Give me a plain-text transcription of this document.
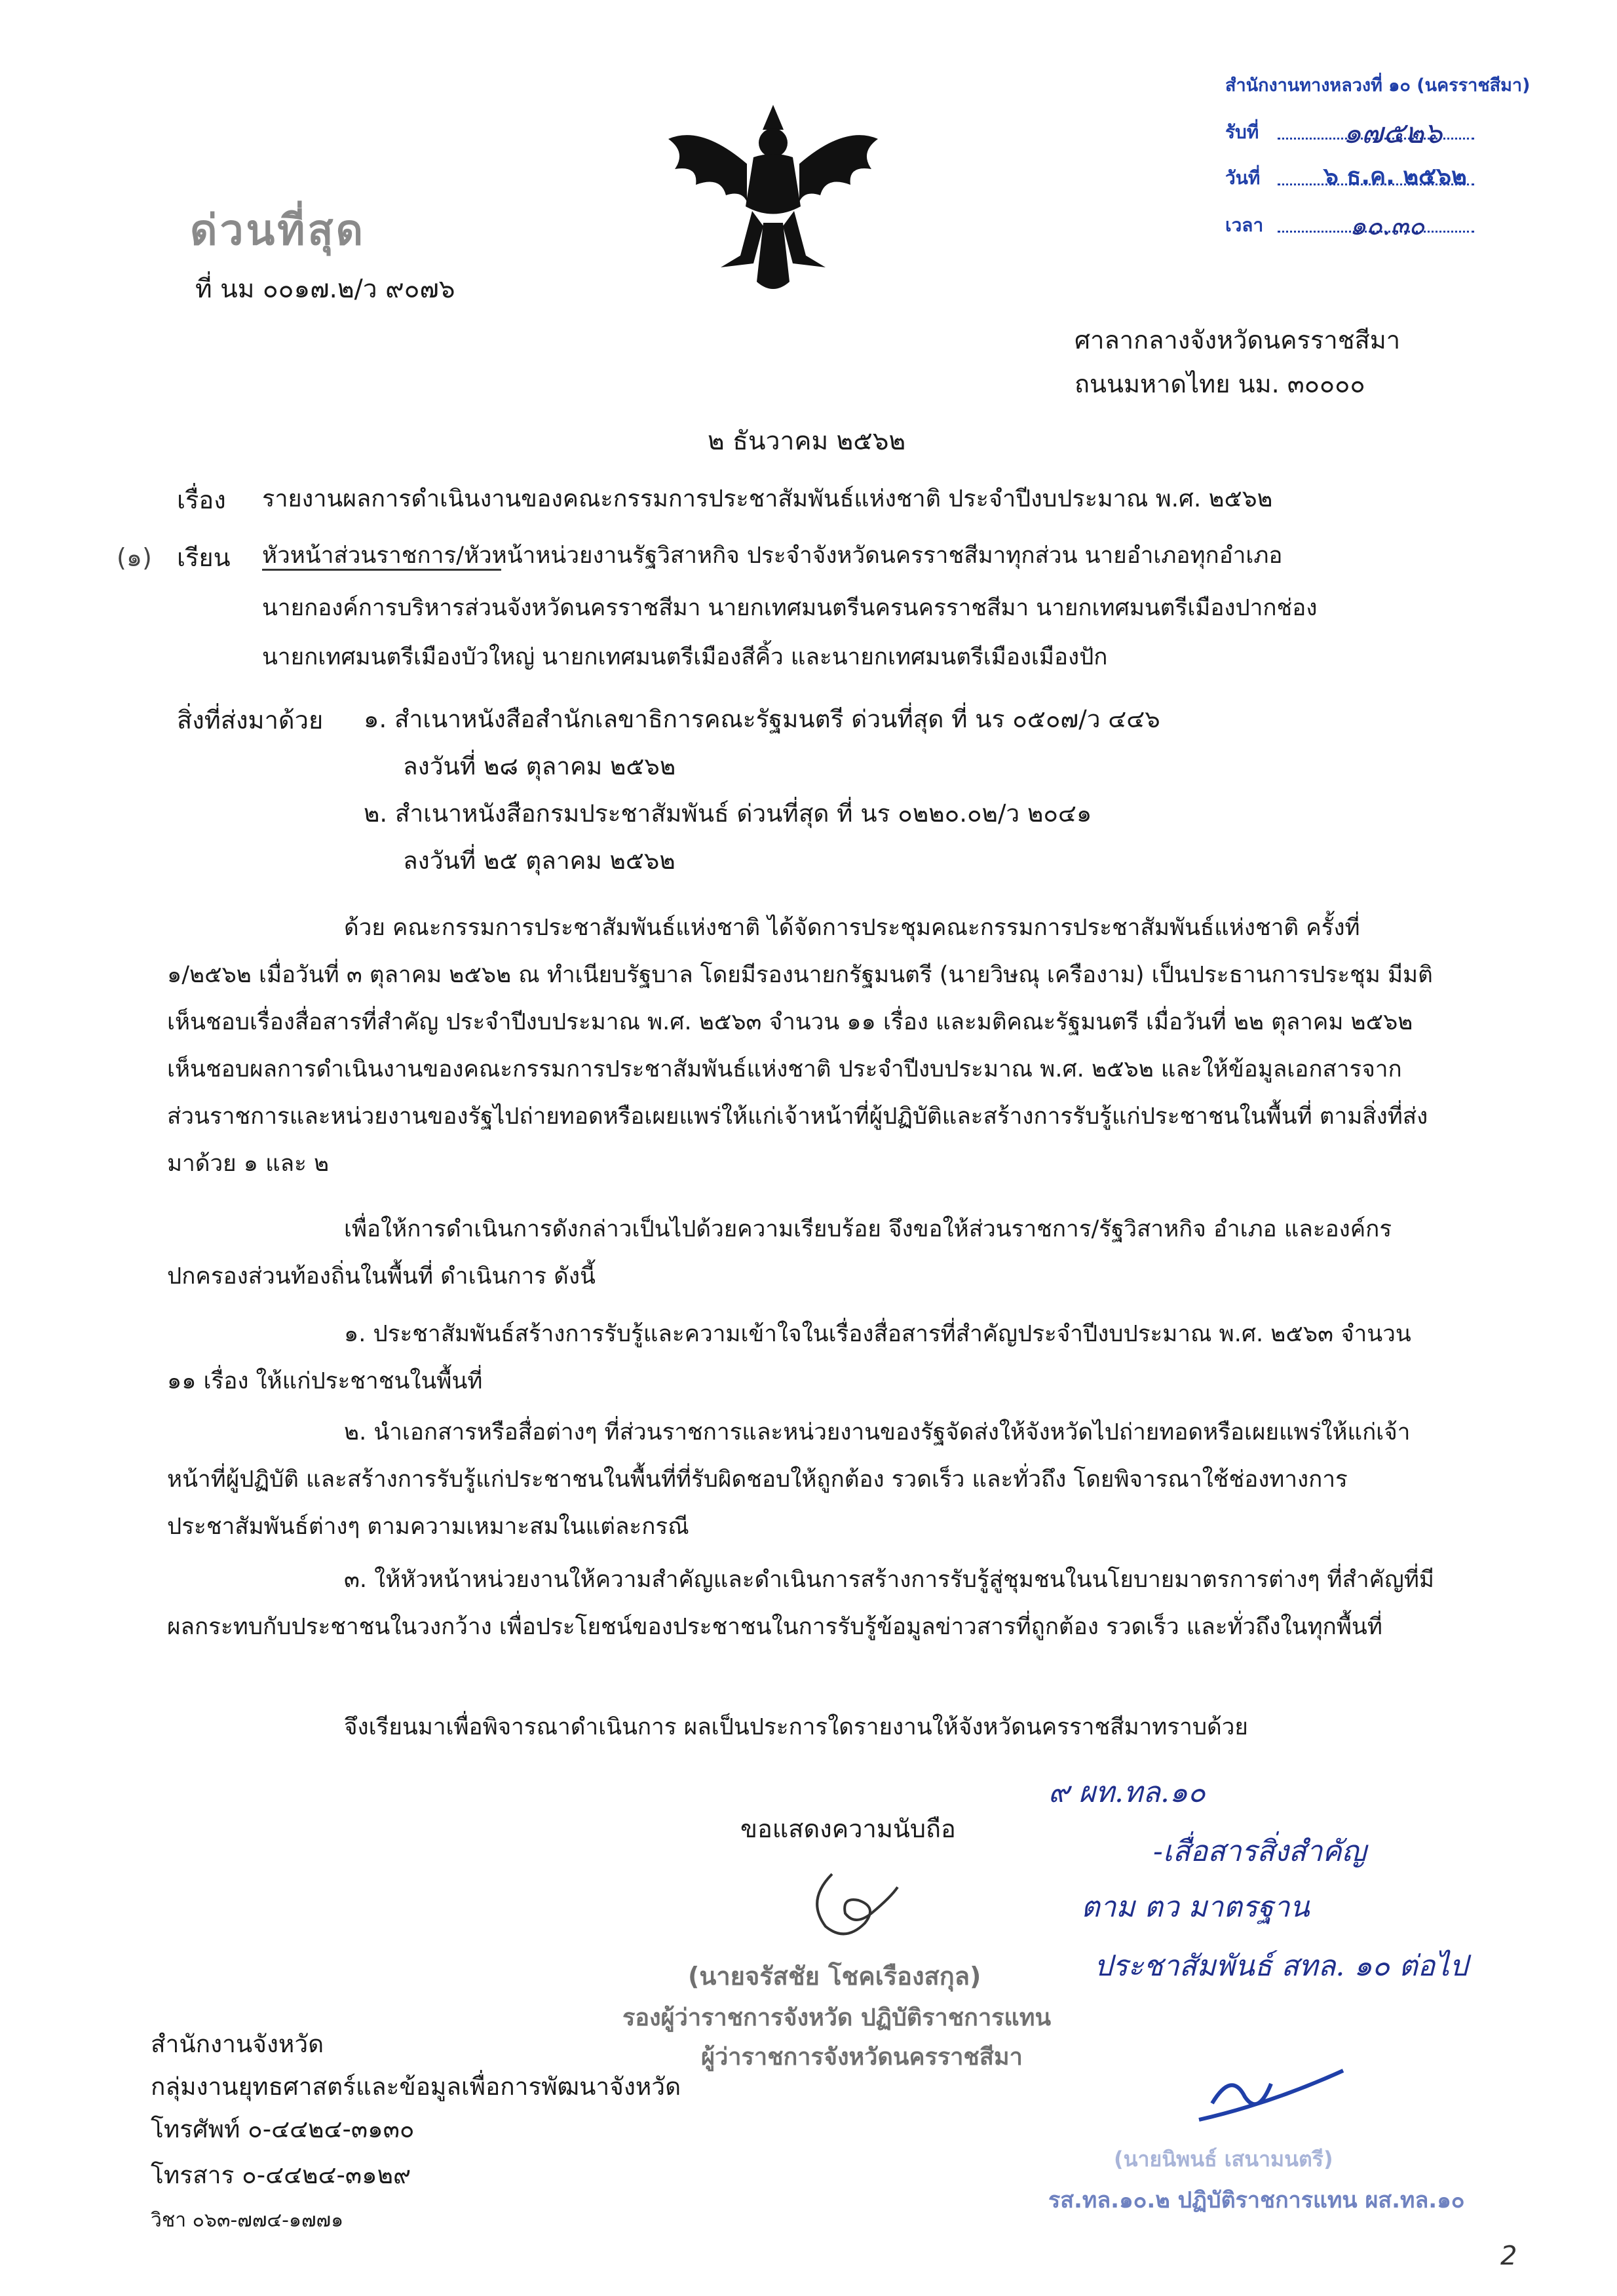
ด่วนที่สุด
ที่ นม ๐๐๑๗.๒/ว ๙๐๗๖
สำนักงานทางหลวงที่ ๑๐ (นครราชสีมา)
รับที่	๑๗๕๒๖
วันที่	๖ ธ.ค. ๒๕๖๒
เวลา	๑๐.๓๐
ศาลากลางจังหวัดนครราชสีมา
ถนนมหาดไทย นม. ๓๐๐๐๐
๒ ธันวาคม ๒๕๖๒
เรื่อง รายงานผลการดำเนินงานของคณะกรรมการประชาสัมพันธ์แห่งชาติ ประจำปีงบประมาณ พ.ศ. ๒๕๖๒
(๑) เรียน หัวหน้าส่วนราชการ/หัวหน้าหน่วยงานรัฐวิสาหกิจ ประจำจังหวัดนครราชสีมาทุกส่วน นายอำเภอทุกอำเภอ
นายกองค์การบริหารส่วนจังหวัดนครราชสีมา นายกเทศมนตรีนครนครราชสีมา นายกเทศมนตรีเมืองปากช่อง
นายกเทศมนตรีเมืองบัวใหญ่ นายกเทศมนตรีเมืองสีคิ้ว และนายกเทศมนตรีเมืองเมืองปัก
สิ่งที่ส่งมาด้วย ๑. สำเนาหนังสือสำนักเลขาธิการคณะรัฐมนตรี ด่วนที่สุด ที่ นร ๐๕๐๗/ว ๔๔๖
ลงวันที่ ๒๘ ตุลาคม ๒๕๖๒
๒. สำเนาหนังสือกรมประชาสัมพันธ์ ด่วนที่สุด ที่ นร ๐๒๒๐.๐๒/ว ๒๐๔๑
ลงวันที่ ๒๕ ตุลาคม ๒๕๖๒
ด้วย คณะกรรมการประชาสัมพันธ์แห่งชาติ ได้จัดการประชุมคณะกรรมการประชาสัมพันธ์แห่งชาติ ครั้งที่ ๑/๒๕๖๒ เมื่อวันที่ ๓ ตุลาคม ๒๕๖๒ ณ ทำเนียบรัฐบาล โดยมีรองนายกรัฐมนตรี (นายวิษณุ เครืองาม) เป็นประธานการประชุม มีมติเห็นชอบเรื่องสื่อสารที่สำคัญ ประจำปีงบประมาณ พ.ศ. ๒๕๖๓ จำนวน ๑๑ เรื่อง และมติคณะรัฐมนตรี เมื่อวันที่ ๒๒ ตุลาคม ๒๕๖๒ เห็นชอบผลการดำเนินงานของคณะกรรมการประชาสัมพันธ์แห่งชาติ ประจำปีงบประมาณ พ.ศ. ๒๕๖๒ และให้ข้อมูลเอกสารจากส่วนราชการและหน่วยงานของรัฐไปถ่ายทอดหรือเผยแพร่ให้แก่เจ้าหน้าที่ผู้ปฏิบัติและสร้างการรับรู้แก่ประชาชนในพื้นที่ ตามสิ่งที่ส่งมาด้วย ๑ และ ๒
เพื่อให้การดำเนินการดังกล่าวเป็นไปด้วยความเรียบร้อย จึงขอให้ส่วนราชการ/รัฐวิสาหกิจ อำเภอ และองค์กรปกครองส่วนท้องถิ่นในพื้นที่ ดำเนินการ ดังนี้
๑. ประชาสัมพันธ์สร้างการรับรู้และความเข้าใจในเรื่องสื่อสารที่สำคัญประจำปีงบประมาณ พ.ศ. ๒๕๖๓ จำนวน ๑๑ เรื่อง ให้แก่ประชาชนในพื้นที่
๒. นำเอกสารหรือสื่อต่างๆ ที่ส่วนราชการและหน่วยงานของรัฐจัดส่งให้จังหวัดไปถ่ายทอดหรือเผยแพร่ให้แก่เจ้าหน้าที่ผู้ปฏิบัติ และสร้างการรับรู้แก่ประชาชนในพื้นที่ที่รับผิดชอบให้ถูกต้อง รวดเร็ว และทั่วถึง โดยพิจารณาใช้ช่องทางการประชาสัมพันธ์ต่างๆ ตามความเหมาะสมในแต่ละกรณี
๓. ให้หัวหน้าหน่วยงานให้ความสำคัญและดำเนินการสร้างการรับรู้สู่ชุมชนในนโยบายมาตรการต่างๆ ที่สำคัญที่มีผลกระทบกับประชาชนในวงกว้าง เพื่อประโยชน์ของประชาชนในการรับรู้ข้อมูลข่าวสารที่ถูกต้อง รวดเร็ว และทั่วถึงในทุกพื้นที่
จึงเรียนมาเพื่อพิจารณาดำเนินการ ผลเป็นประการใดรายงานให้จังหวัดนครราชสีมาทราบด้วย
ขอแสดงความนับถือ
(นายจรัสชัย โชคเรืองสกุล)
รองผู้ว่าราชการจังหวัด ปฏิบัติราชการแทน
ผู้ว่าราชการจังหวัดนครราชสีมา
๙ ผท.ทล.๑๐
-เสื่อสารสิ่งสำคัญ
ตาม ตว มาตรฐาน
ประชาสัมพันธ์ สทล. ๑๐ ต่อไป
(นายนิพนธ์ เสนามนตรี)
รส.ทล.๑๐.๒ ปฏิบัติราชการแทน ผส.ทล.๑๐
สำนักงานจังหวัด
กลุ่มงานยุทธศาสตร์และข้อมูลเพื่อการพัฒนาจังหวัด
โทรศัพท์ ๐-๔๔๒๔-๓๑๓๐
โทรสาร ๐-๔๔๒๔-๓๑๒๙
วิชา ๐๖๓-๗๗๔-๑๗๗๑
2
